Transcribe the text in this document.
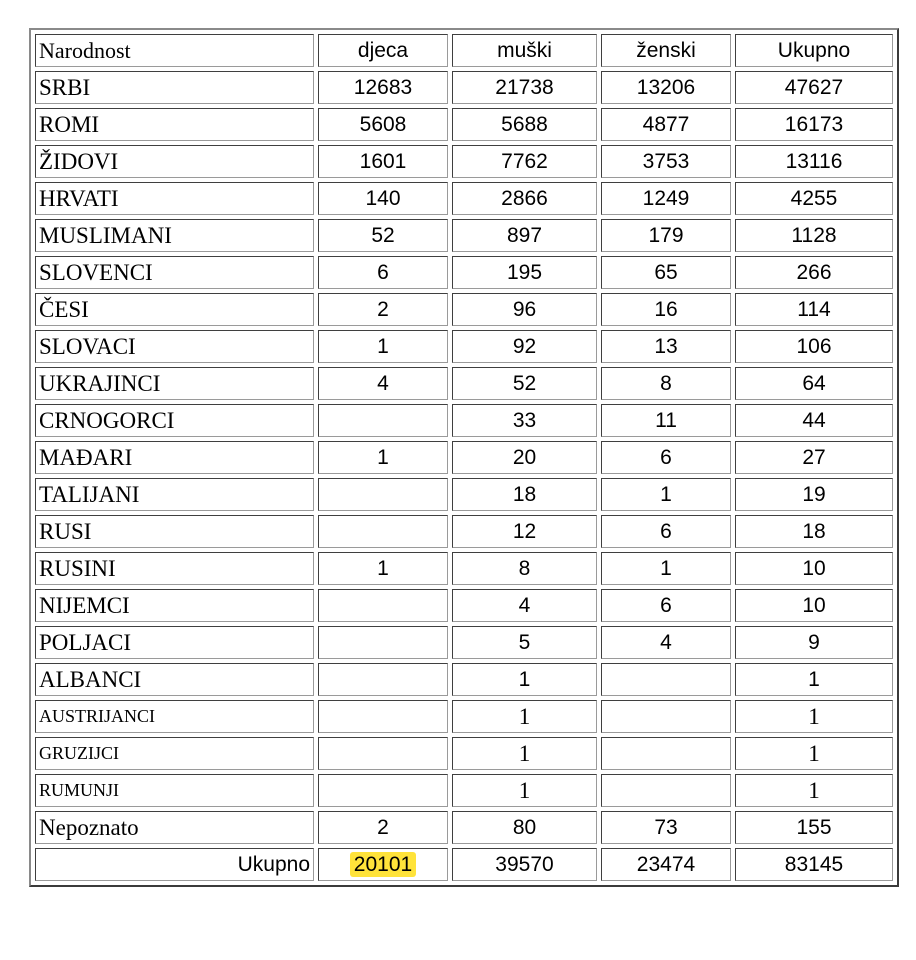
Narodnost	djeca	muški	ženski	Ukupno
SRBI	12683	21738	13206	47627
ROMI	5608	5688	4877	16173
ŽIDOVI	1601	7762	3753	13116
HRVATI	140	2866	1249	4255
MUSLIMANI	52	897	179	1128
SLOVENCI	6	195	65	266
ČESI	2	96	16	114
SLOVACI	1	92	13	106
UKRAJINCI	4	52	8	64
CRNOGORCI		33	11	44
MAĐARI	1	20	6	27
TALIJANI		18	1	19
RUSI		12	6	18
RUSINI	1	8	1	10
NIJEMCI		4	6	10
POLJACI		5	4	9
ALBANCI		1		1
AUSTRIJANCI		1		1
GRUZIJCI		1		1
RUMUNJI		1		1
Nepoznato	2	80	73	155
Ukupno	20101	39570	23474	83145
